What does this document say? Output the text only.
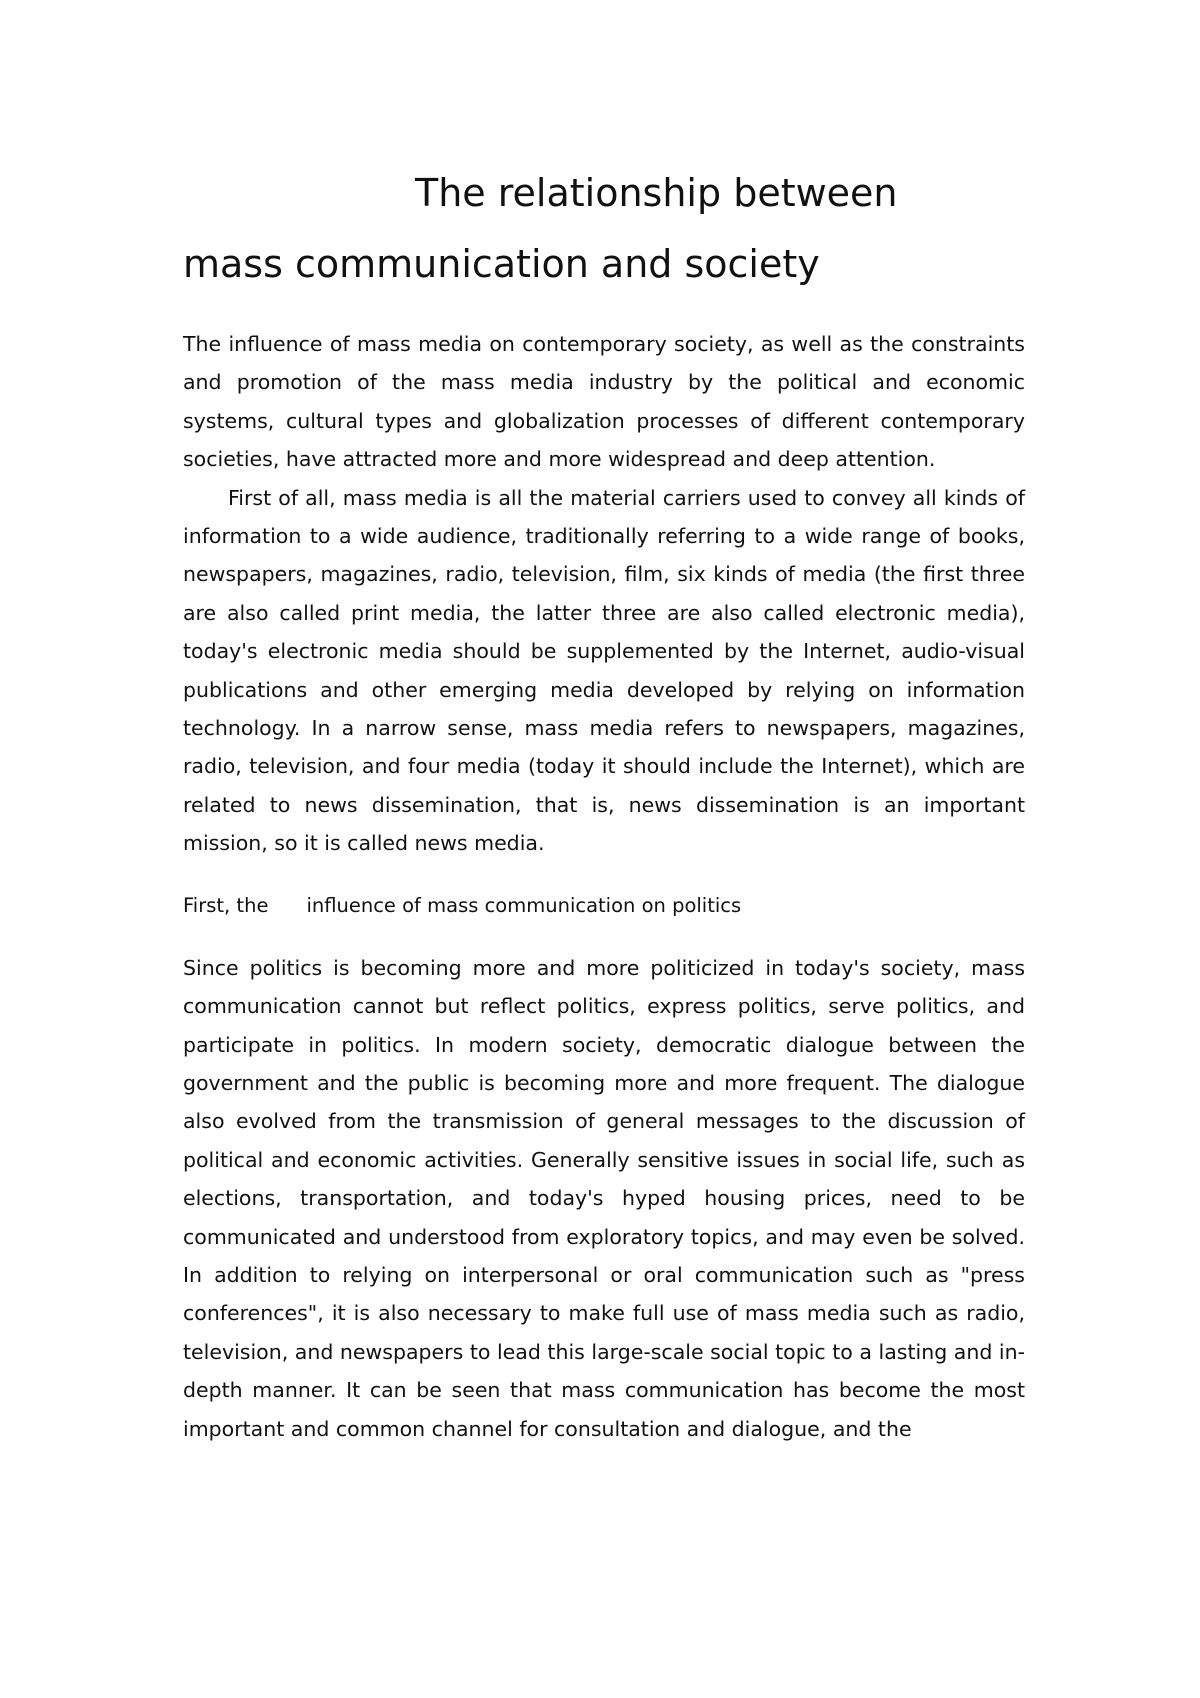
The relationship between
mass communication and society

The influence of mass media on contemporary society, as well as the constraints and promotion of the mass media industry by the political and economic systems, cultural types and globalization processes of different contemporary societies, have attracted more and more widespread and deep attention.

First of all, mass media is all the material carriers used to convey all kinds of information to a wide audience, traditionally referring to a wide range of books, newspapers, magazines, radio, television, film, six kinds of media (the first three are also called print media, the latter three are also called electronic media), today's electronic media should be supplemented by the Internet, audio-visual publications and other emerging media developed by relying on information technology. In a narrow sense, mass media refers to newspapers, magazines, radio, television, and four media (today it should include the Internet), which are related to news dissemination, that is, news dissemination is an important mission, so it is called news media.

First, the influence of mass communication on politics

Since politics is becoming more and more politicized in today's society, mass communication cannot but reflect politics, express politics, serve politics, and participate in politics. In modern society, democratic dialogue between the government and the public is becoming more and more frequent. The dialogue also evolved from the transmission of general messages to the discussion of political and economic activities. Generally sensitive issues in social life, such as elections, transportation, and today's hyped housing prices, need to be communicated and understood from exploratory topics, and may even be solved. In addition to relying on interpersonal or oral communication such as "press conferences", it is also necessary to make full use of mass media such as radio, television, and newspapers to lead this large-scale social topic to a lasting and in-depth manner. It can be seen that mass communication has become the most important and common channel for consultation and dialogue, and the
